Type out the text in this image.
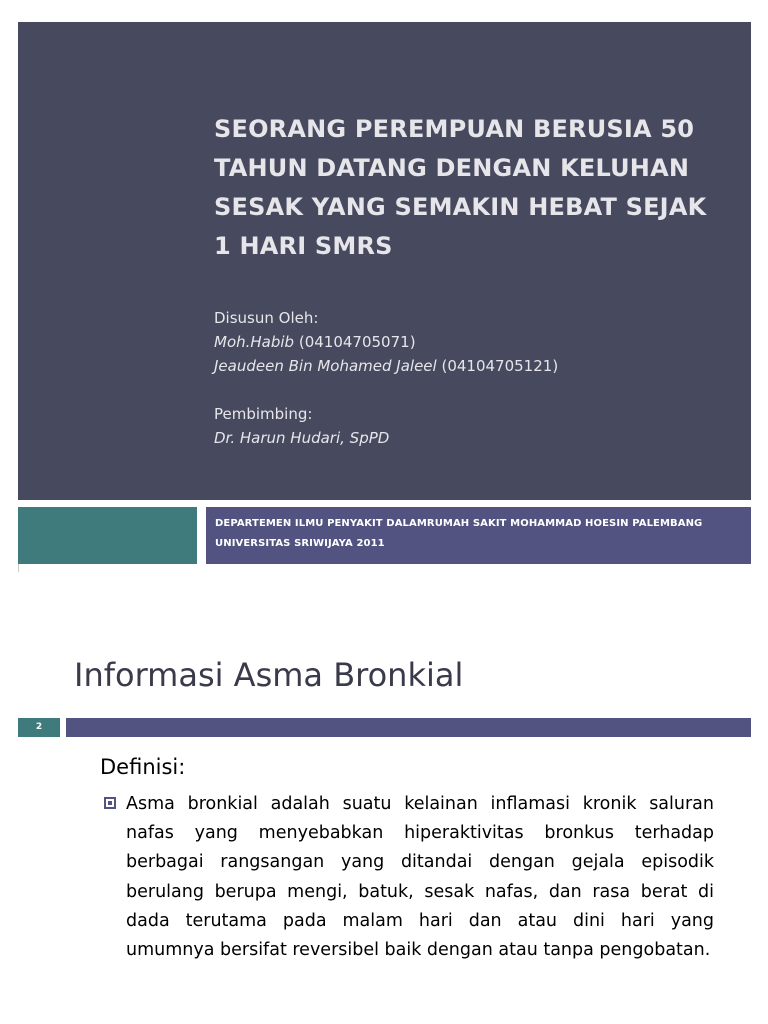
SEORANG PEREMPUAN BERUSIA 50 TAHUN DATANG DENGAN KELUHAN SESAK YANG SEMAKIN HEBAT SEJAK 1 HARI SMRS
Disusun Oleh:
Moh.Habib (04104705071)
Jeaudeen Bin Mohamed Jaleel (04104705121)
Pembimbing:
Dr. Harun Hudari, SpPD
DEPARTEMEN ILMU PENYAKIT DALAMRUMAH SAKIT MOHAMMAD HOESIN PALEMBANG
UNIVERSITAS SRIWIJAYA 2011
Informasi Asma Bronkial
2
Definisi:
Asma bronkial adalah suatu kelainan inflamasi kronik saluran nafas yang menyebabkan hiperaktivitas bronkus terhadap berbagai rangsangan yang ditandai dengan gejala episodik berulang berupa mengi, batuk, sesak nafas, dan rasa berat di dada terutama pada malam hari dan atau dini hari yang umumnya bersifat reversibel baik dengan atau tanpa pengobatan.
